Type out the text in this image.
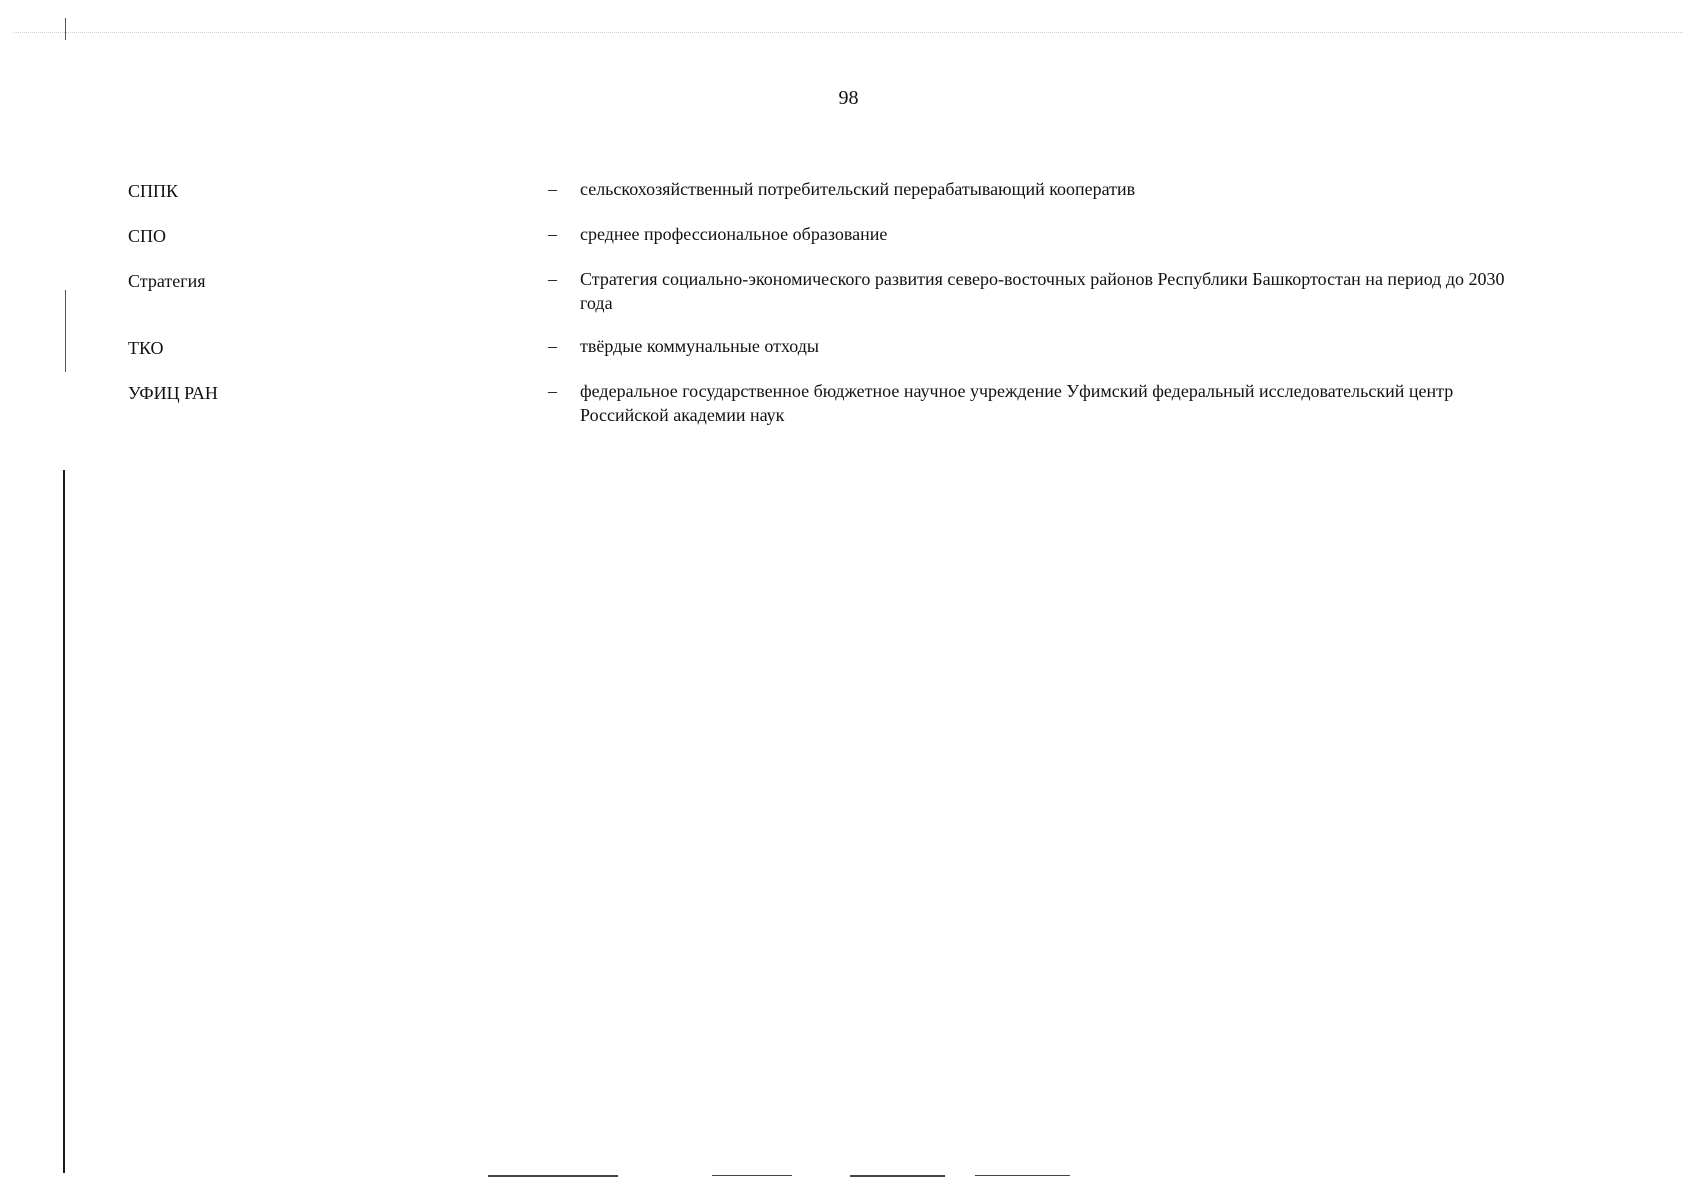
98
СППК	–	сельскохозяйственный потребительский перерабатывающий кооператив
СПО	–	среднее профессиональное образование
Стратегия	–	Стратегия социально-экономического развития северо-восточных районов Республики Башкортостан на период до 2030 года
ТКО	–	твёрдые коммунальные отходы
УФИЦ РАН	–	федеральное государственное бюджетное научное учреждение Уфимский федеральный исследовательский центр Российской академии наук
